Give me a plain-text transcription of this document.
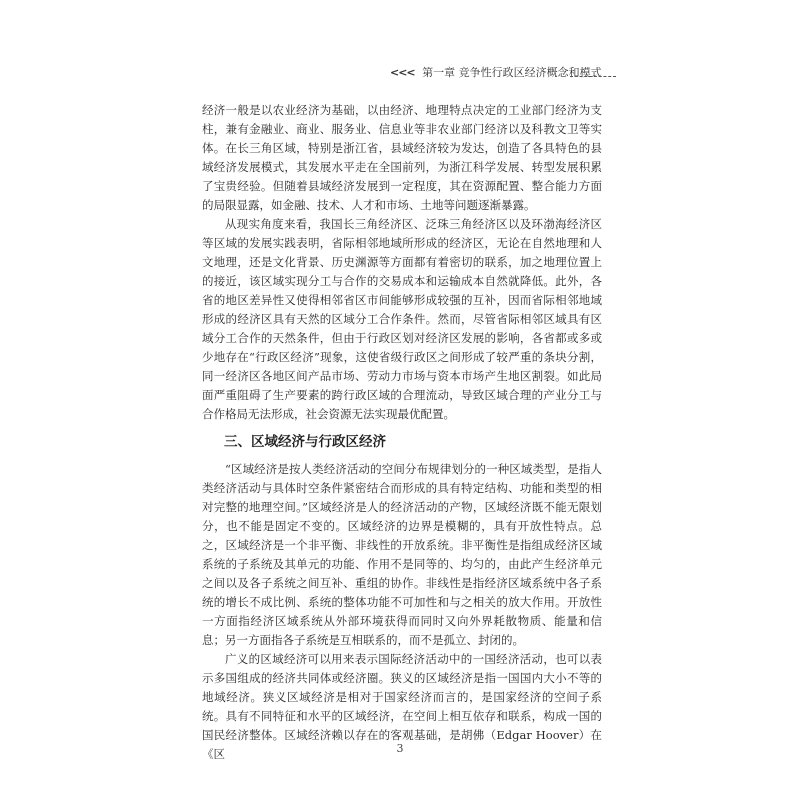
<<< 第一章 竞争性行政区经济概念和模式

经济一般是以农业经济为基础，以由经济、地理特点决定的工业部门经济为支柱，兼有金融业、商业、服务业、信息业等非农业部门经济以及科教文卫等实体。在长三角区域，特别是浙江省，县域经济较为发达，创造了各具特色的县域经济发展模式，其发展水平走在全国前列，为浙江科学发展、转型发展积累了宝贵经验。但随着县域经济发展到一定程度，其在资源配置、整合能力方面的局限显露，如金融、技术、人才和市场、土地等问题逐渐暴露。

从现实角度来看，我国长三角经济区、泛珠三角经济区以及环渤海经济区等区域的发展实践表明，省际相邻地域所形成的经济区，无论在自然地理和人文地理，还是文化背景、历史渊源等方面都有着密切的联系，加之地理位置上的接近，该区域实现分工与合作的交易成本和运输成本自然就降低。此外，各省的地区差异性又使得相邻省区市间能够形成较强的互补，因而省际相邻地域形成的经济区具有天然的区域分工合作条件。然而，尽管省际相邻区域具有区域分工合作的天然条件，但由于行政区划对经济区发展的影响，各省都或多或少地存在“行政区经济”现象，这使省级行政区之间形成了较严重的条块分割，同一经济区各地区间产品市场、劳动力市场与资本市场产生地区割裂。如此局面严重阻碍了生产要素的跨行政区域的合理流动，导致区域合理的产业分工与合作格局无法形成，社会资源无法实现最优配置。

三、区域经济与行政区经济

“区域经济是按人类经济活动的空间分布规律划分的一种区域类型，是指人类经济活动与具体时空条件紧密结合而形成的具有特定结构、功能和类型的相对完整的地理空间。”区域经济是人的经济活动的产物，区域经济既不能无限划分，也不能是固定不变的。区域经济的边界是模糊的，具有开放性特点。总之，区域经济是一个非平衡、非线性的开放系统。非平衡性是指组成经济区域系统的子系统及其单元的功能、作用不是同等的、均匀的，由此产生经济单元之间以及各子系统之间互补、重组的协作。非线性是指经济区域系统中各子系统的增长不成比例、系统的整体功能不可加性和与之相关的放大作用。开放性一方面指经济区域系统从外部环境获得而同时又向外界耗散物质、能量和信息；另一方面指各子系统是互相联系的，而不是孤立、封闭的。

广义的区域经济可以用来表示国际经济活动中的一国经济活动，也可以表示多国组成的经济共同体或经济圈。狭义的区域经济是指一国国内大小不等的地域经济。狭义区域经济是相对于国家经济而言的，是国家经济的空间子系统。具有不同特征和水平的区域经济，在空间上相互依存和联系，构成一国的国民经济整体。区域经济赖以存在的客观基础，是胡佛（Edgar Hoover）在《区	3
